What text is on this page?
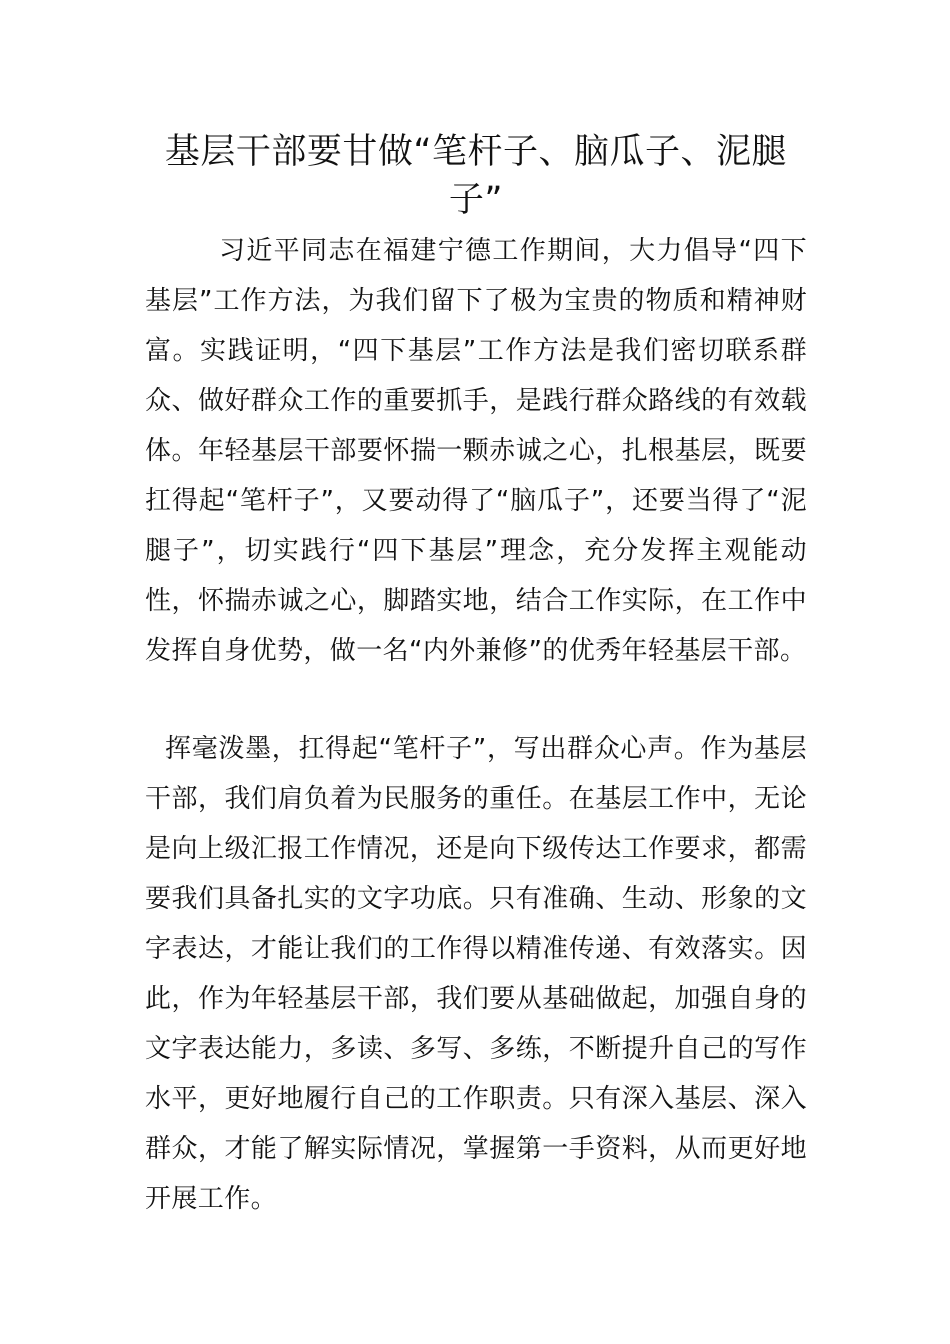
基层干部要甘做“笔杆子、脑瓜子、泥腿子”

习近平同志在福建宁德工作期间，大力倡导“四下基层”工作方法，为我们留下了极为宝贵的物质和精神财富。实践证明，“四下基层”工作方法是我们密切联系群众、做好群众工作的重要抓手，是践行群众路线的有效载体。年轻基层干部要怀揣一颗赤诚之心，扎根基层，既要扛得起“笔杆子”，又要动得了“脑瓜子”，还要当得了“泥腿子”，切实践行“四下基层”理念，充分发挥主观能动性，怀揣赤诚之心，脚踏实地，结合工作实际，在工作中发挥自身优势，做一名“内外兼修”的优秀年轻基层干部。

挥毫泼墨，扛得起“笔杆子”，写出群众心声。作为基层干部，我们肩负着为民服务的重任。在基层工作中，无论是向上级汇报工作情况，还是向下级传达工作要求，都需要我们具备扎实的文字功底。只有准确、生动、形象的文字表达，才能让我们的工作得以精准传递、有效落实。因此，作为年轻基层干部，我们要从基础做起，加强自身的文字表达能力，多读、多写、多练，不断提升自己的写作水平，更好地履行自己的工作职责。只有深入基层、深入群众，才能了解实际情况，掌握第一手资料，从而更好地开展工作。
